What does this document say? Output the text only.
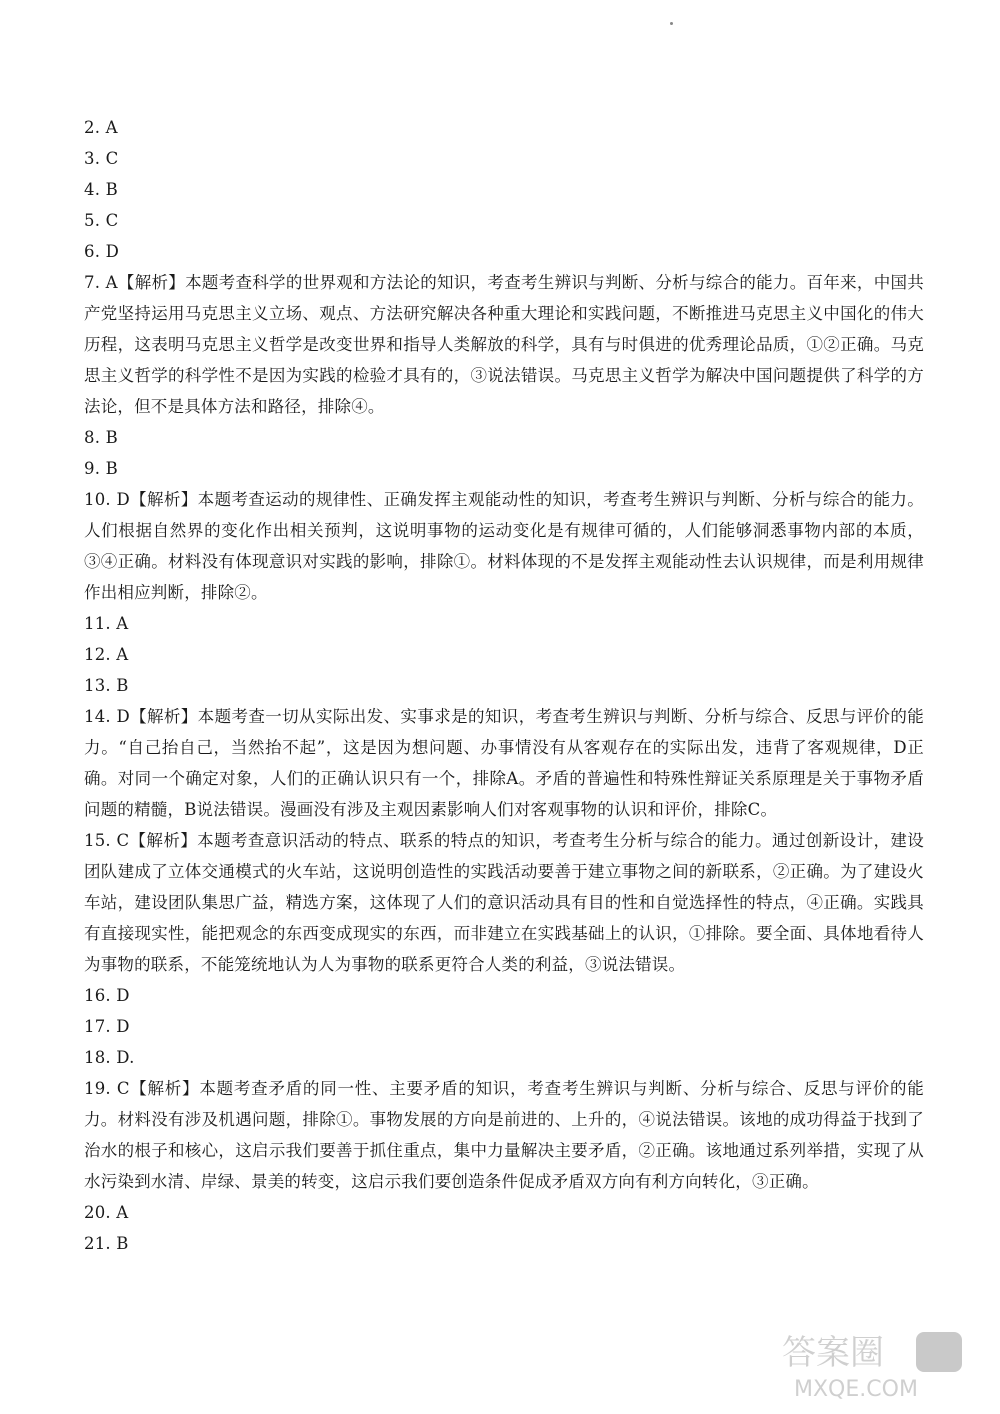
2. A

3. C

4. B

5. C

6. D

7. A【解析】本题考查科学的世界观和方法论的知识，考查考生辨识与判断、分析与综合的能力。百年来，中国共产党坚持运用马克思主义立场、观点、方法研究解决各种重大理论和实践问题，不断推进马克思主义中国化的伟大历程，这表明马克思主义哲学是改变世界和指导人类解放的科学，具有与时俱进的优秀理论品质，①②正确。马克思主义哲学的科学性不是因为实践的检验才具有的，③说法错误。马克思主义哲学为解决中国问题提供了科学的方法论，但不是具体方法和路径，排除④。

8. B

9. B

10. D【解析】本题考查运动的规律性、正确发挥主观能动性的知识，考查考生辨识与判断、分析与综合的能力。人们根据自然界的变化作出相关预判，这说明事物的运动变化是有规律可循的，人们能够洞悉事物内部的本质，③④正确。材料没有体现意识对实践的影响，排除①。材料体现的不是发挥主观能动性去认识规律，而是利用规律作出相应判断，排除②。

11. A

12. A

13. B

14. D【解析】本题考查一切从实际出发、实事求是的知识，考查考生辨识与判断、分析与综合、反思与评价的能力。“自己抬自己，当然抬不起”，这是因为想问题、办事情没有从客观存在的实际出发，违背了客观规律，D正确。对同一个确定对象，人们的正确认识只有一个，排除A。矛盾的普遍性和特殊性辩证关系原理是关于事物矛盾问题的精髓，B说法错误。漫画没有涉及主观因素影响人们对客观事物的认识和评价，排除C。

15. C【解析】本题考查意识活动的特点、联系的特点的知识，考查考生分析与综合的能力。通过创新设计，建设团队建成了立体交通模式的火车站，这说明创造性的实践活动要善于建立事物之间的新联系，②正确。为了建设火车站，建设团队集思广益，精选方案，这体现了人们的意识活动具有目的性和自觉选择性的特点，④正确。实践具有直接现实性，能把观念的东西变成现实的东西，而非建立在实践基础上的认识，①排除。要全面、具体地看待人为事物的联系，不能笼统地认为人为事物的联系更符合人类的利益，③说法错误。

16. D

17. D

18. D.

19. C【解析】本题考查矛盾的同一性、主要矛盾的知识，考查考生辨识与判断、分析与综合、反思与评价的能力。材料没有涉及机遇问题，排除①。事物发展的方向是前进的、上升的，④说法错误。该地的成功得益于找到了治水的根子和核心，这启示我们要善于抓住重点，集中力量解决主要矛盾，②正确。该地通过系列举措，实现了从水污染到水清、岸绿、景美的转变，这启示我们要创造条件促成矛盾双方向有利方向转化，③正确。

20. A

21. B

答案圈
MXQE.COM
